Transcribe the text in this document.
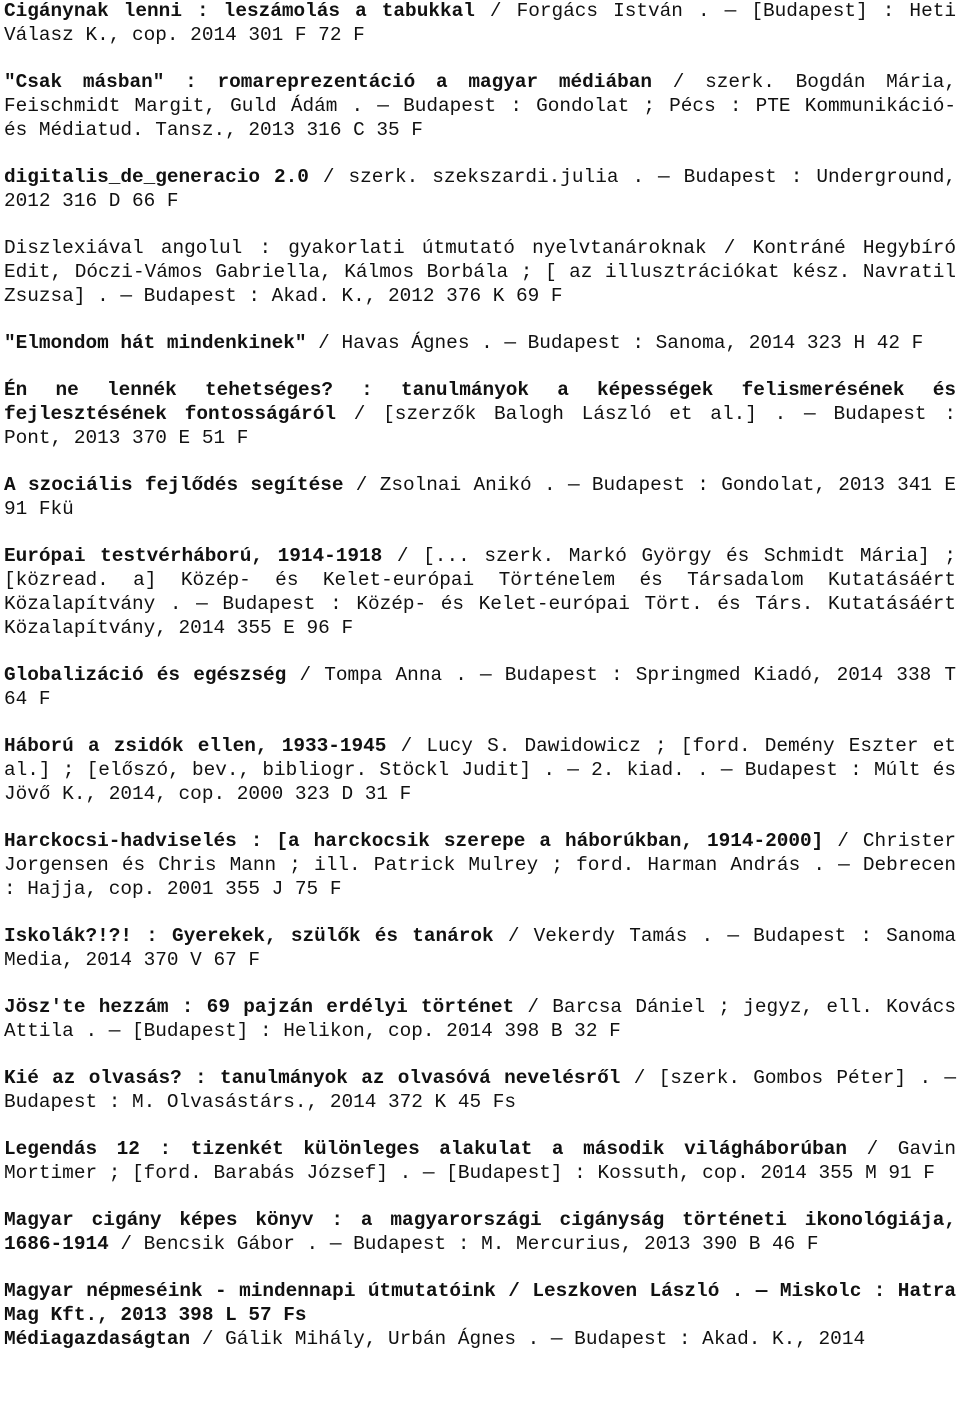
Cigánynak lenni : leszámolás a tabukkal / Forgács István . — [Budapest] : Heti Válasz K., cop. 2014 301 F 72 F

"Csak másban" : romareprezentáció a magyar médiában / szerk. Bogdán Mária, Feischmidt Margit, Guld Ádám . — Budapest : Gondolat ; Pécs : PTE Kommunikáció- és Médiatud. Tansz., 2013 316 C 35 F

digitalis_de_generacio 2.0 / szerk. szekszardi.julia . — Budapest : Underground, 2012 316 D 66 F

Diszlexiával angolul : gyakorlati útmutató nyelvtanároknak / Kontráné Hegybíró Edit, Dóczi-Vámos Gabriella, Kálmos Borbála ; [ az illusztrációkat kész. Navratil Zsuzsa] . — Budapest : Akad. K., 2012 376 K 69 F

"Elmondom hát mindenkinek" / Havas Ágnes . — Budapest : Sanoma, 2014 323 H 42 F

Én ne lennék tehetséges? : tanulmányok a képességek felismerésének és fejlesztésének fontosságáról / [szerzők Balogh László et al.] . — Budapest : Pont, 2013 370 E 51 F

A szociális fejlődés segítése / Zsolnai Anikó . — Budapest : Gondolat, 2013 341 E 91 Fkü

Európai testvérháború, 1914-1918 / [... szerk. Markó György és Schmidt Mária] ; [közread. a] Közép- és Kelet-európai Történelem és Társadalom Kutatásáért Közalapítvány . — Budapest : Közép- és Kelet-európai Tört. és Társ. Kutatásáért Közalapítvány, 2014 355 E 96 F

Globalizáció és egészség / Tompa Anna . — Budapest : Springmed Kiadó, 2014 338 T 64 F

Háború a zsidók ellen, 1933-1945 / Lucy S. Dawidowicz ; [ford. Demény Eszter et al.] ; [előszó, bev., bibliogr. Stöckl Judit] . — 2. kiad. . — Budapest : Múlt és Jövő K., 2014, cop. 2000 323 D 31 F

Harckocsi-hadviselés : [a harckocsik szerepe a háborúkban, 1914-2000] / Christer Jorgensen és Chris Mann ; ill. Patrick Mulrey ; ford. Harman András . — Debrecen : Hajja, cop. 2001 355 J 75 F

Iskolák?!?! : Gyerekek, szülők és tanárok / Vekerdy Tamás . — Budapest : Sanoma Media, 2014 370 V 67 F

Jösz'te hezzám : 69 pajzán erdélyi történet / Barcsa Dániel ; jegyz, ell. Kovács Attila . — [Budapest] : Helikon, cop. 2014 398 B 32 F

Kié az olvasás? : tanulmányok az olvasóvá nevelésről / [szerk. Gombos Péter] . — Budapest : M. Olvasástárs., 2014 372 K 45 Fs

Legendás 12 : tizenkét különleges alakulat a második világháborúban / Gavin Mortimer ; [ford. Barabás József] . — [Budapest] : Kossuth, cop. 2014 355 M 91 F

Magyar cigány képes könyv : a magyarországi cigányság történeti ikonológiája, 1686-1914 / Bencsik Gábor . — Budapest : M. Mercurius, 2013 390 B 46 F

Magyar népmeséink - mindennapi útmutatóink / Leszkoven László . — Miskolc : Hatra Mag Kft., 2013 398 L 57 Fs

Médiagazdaságtan / Gálik Mihály, Urbán Ágnes . — Budapest : Akad. K., 2014
